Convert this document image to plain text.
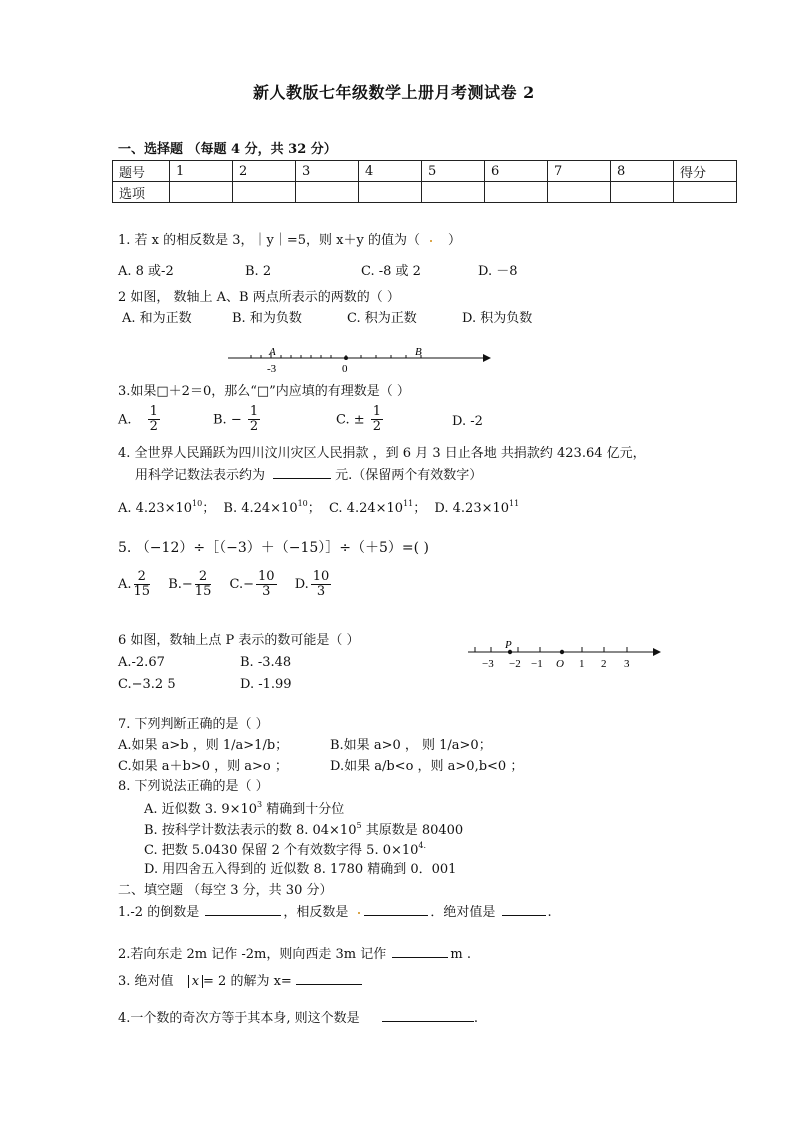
新人教版七年级数学上册月考测试卷 2
一、选择题 （每题 4 分，共 32 分）
题号	1	2	3	4	5	6	7	8	得分
选项									
1. 若 x 的相反数是 3，｜y｜=5，则 x＋y 的值为（ ）
A. 8 或-2	B. 2	C. -8 或 2	D. －8
2 如图， 数轴上 A、B 两点所表示的两数的（ ）
A. 和为正数	B. 和为负数	C. 积为正数	D. 积为负数
A	B
-3	0
3.如果□＋2＝0，那么“□”内应填的有理数是（ ）
A. $\frac{1}{2}$	B. − $\frac{1}{2}$	C. ± $\frac{1}{2}$	D. -2
4. 全世界人民踊跃为四川汶川灾区人民捐款 ，到 6 月 3 日止各地 共捐款约 423.64 亿元，
用科学记数法表示约为	元.（保留两个有效数字）
A. $4.23\times 10^{10}$； B. $4.24\times 10^{10}$； C. $4.24\times 10^{11}$； D. $4.23\times 10^{11}$
5. （−12）÷［（−3）＋（−15）］÷（＋5）=( )
A. $\frac{2}{15} B.- \frac{2}{15} C.- \frac{10}{3} D$. $\frac{10}{3}$
6 如图，数轴上点 P 表示的数可能是（ ）
A.-2.67	B. -3.48
C.−3.2 5	D. -1.99
P
−3 −2 −1 O 1 2 3
7. 下列判断正确的是（ ）
A.如果 a>b ，则 1/a>1/b；	B.如果 a>0 ， 则 1/a>0；
C.如果 a＋b>0 ，则 a>o ；	D.如果 a/b<o ，则 a>0,b<0 ；
8. 下列说法正确的是（ ）
A. 近似数 3. $9\times 10^3$ 精确到十分位
B. 按科学计数法表示的数 8. $04\times 10^5$ 其原数是 80400
C. 把数 5.0430 保留 2 个有效数字得 5. $0\times 10^{4.}$
D. 用四舍五入得到的 近似数 8. 1780 精确到 0．001
二、填空题 （每空 3 分，共 30 分）
1.-2 的倒数是	，相反数是	．绝对值是	.
2.若向东走 2m 记作 -2m，则向西走 3m 记作	m .
3. 绝对值 x = 2 的解为 x=
4.一个数的奇次方等于其本身, 则这个数是	.
